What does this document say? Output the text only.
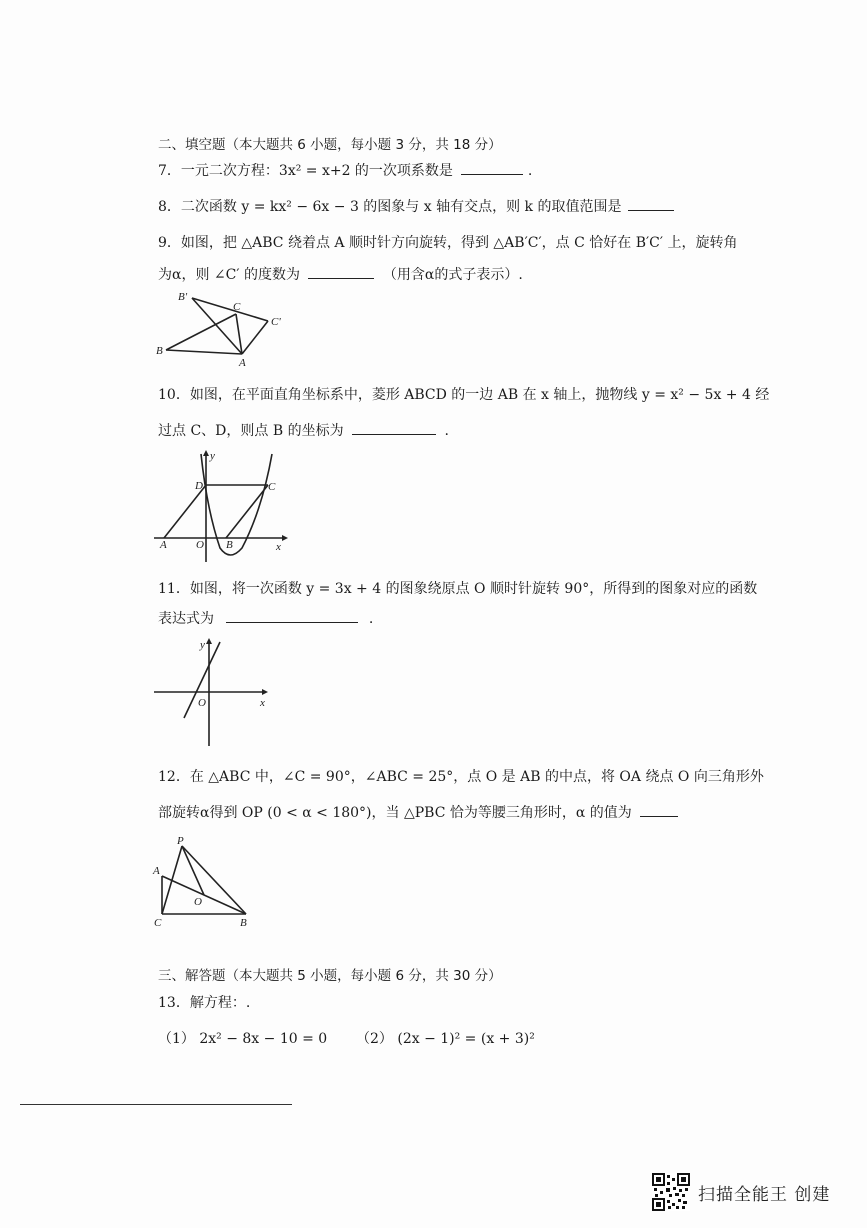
二、填空题（本大题共 6 小题，每小题 3 分，共 18 分）
7．一元二次方程：3x² = x+2 的一次项系数是	.
8．二次函数 y = kx² − 6x − 3 的图象与 x 轴有交点，则 k 的取值范围是
9．如图，把 △ABC 绕着点 A 顺时针方向旋转，得到 △AB′C′，点 C 恰好在 B′C′ 上，旋转角
为α，则 ∠C′ 的度数为	（用含α的式子表示）.
B'
C
C'
B
A
10．如图，在平面直角坐标系中，菱形 ABCD 的一边 AB 在 x 轴上，抛物线 y = x² − 5x + 4 经
过点 C、D，则点 B 的坐标为	.
y
D	C
A	O B	x
11．如图，将一次函数 y = 3x + 4 的图象绕原点 O 顺时针旋转 90°，所得到的图象对应的函数
表达式为	.
y
O	x
12．在 △ABC 中，∠C = 90°，∠ABC = 25°，点 O 是 AB 的中点，将 OA 绕点 O 向三角形外
部旋转α得到 OP (0 < α < 180°)，当 △PBC 恰为等腰三角形时，α 的值为
P
A
O
C	B
三、解答题（本大题共 5 小题，每小题 6 分，共 30 分）
13．解方程：.
（1） 2x² − 8x − 10 = 0 （2） (2x − 1)² = (x + 3)²
扫描全能王 创建
